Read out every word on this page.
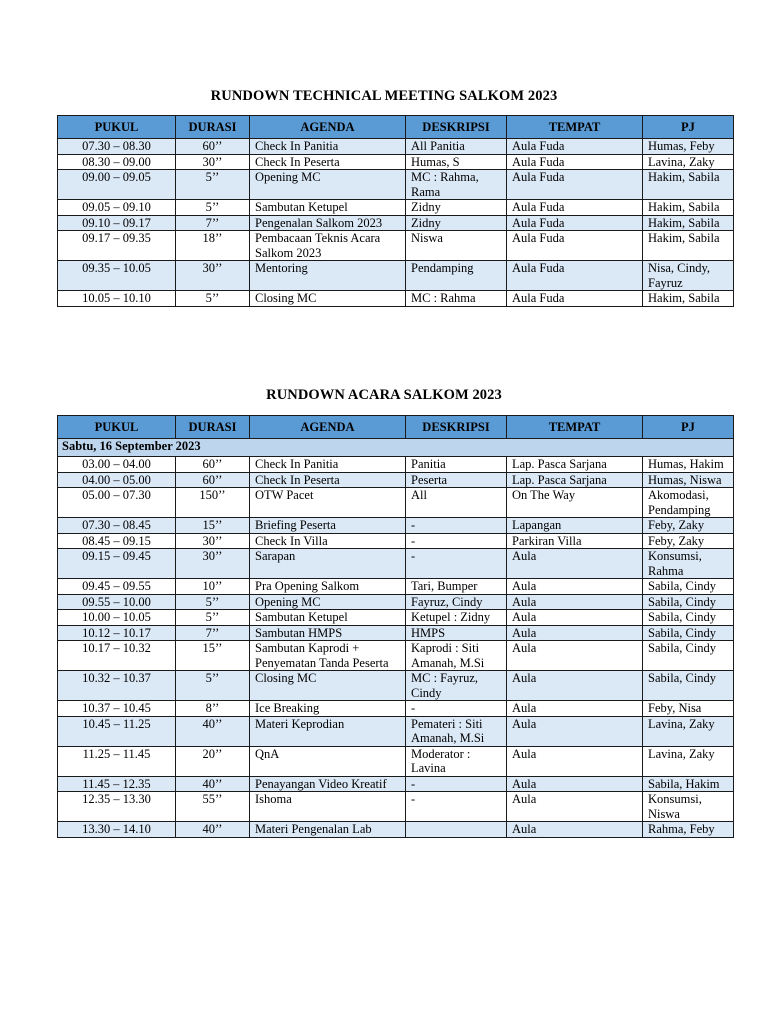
RUNDOWN TECHNICAL MEETING SALKOM 2023
PUKUL	DURASI	AGENDA	DESKRIPSI	TEMPAT	PJ
07.30 – 08.30	60’’	Check In Panitia	All Panitia	Aula Fuda	Humas, Feby
08.30 – 09.00	30’’	Check In Peserta	Humas, S	Aula Fuda	Lavina, Zaky
09.00 – 09.05	5’’	Opening MC	MC : Rahma, Rama	Aula Fuda	Hakim, Sabila
09.05 – 09.10	5’’	Sambutan Ketupel	Zidny	Aula Fuda	Hakim, Sabila
09.10 – 09.17	7’’	Pengenalan Salkom 2023	Zidny	Aula Fuda	Hakim, Sabila
09.17 – 09.35	18’’	Pembacaan Teknis Acara Salkom 2023	Niswa	Aula Fuda	Hakim, Sabila
09.35 – 10.05	30’’	Mentoring	Pendamping	Aula Fuda	Nisa, Cindy, Fayruz
10.05 – 10.10	5’’	Closing MC	MC : Rahma	Aula Fuda	Hakim, Sabila
RUNDOWN ACARA SALKOM 2023
PUKUL	DURASI	AGENDA	DESKRIPSI	TEMPAT	PJ
Sabtu, 16 September 2023					
03.00 – 04.00	60’’	Check In Panitia	Panitia	Lap. Pasca Sarjana	Humas, Hakim
04.00 – 05.00	60’’	Check In Peserta	Peserta	Lap. Pasca Sarjana	Humas, Niswa
05.00 – 07.30	150’’	OTW Pacet	All	On The Way	Akomodasi, Pendamping
07.30 – 08.45	15’’	Briefing Peserta	-	Lapangan	Feby, Zaky
08.45 – 09.15	30’’	Check In Villa	-	Parkiran Villa	Feby, Zaky
09.15 – 09.45	30’’	Sarapan	-	Aula	Konsumsi, Rahma
09.45 – 09.55	10’’	Pra Opening Salkom	Tari, Bumper	Aula	Sabila, Cindy
09.55 – 10.00	5’’	Opening MC	Fayruz, Cindy	Aula	Sabila, Cindy
10.00 – 10.05	5’’	Sambutan Ketupel	Ketupel : Zidny	Aula	Sabila, Cindy
10.12 – 10.17	7’’	Sambutan HMPS	HMPS	Aula	Sabila, Cindy
10.17 – 10.32	15’’	Sambutan Kaprodi + Penyematan Tanda Peserta	Kaprodi : Siti Amanah, M.Si	Aula	Sabila, Cindy
10.32 – 10.37	5’’	Closing MC	MC : Fayruz, Cindy	Aula	Sabila, Cindy
10.37 – 10.45	8’’	Ice Breaking	-	Aula	Feby, Nisa
10.45 – 11.25	40’’	Materi Keprodian	Pemateri : Siti Amanah, M.Si	Aula	Lavina, Zaky
11.25 – 11.45	20’’	QnA	Moderator : Lavina	Aula	Lavina, Zaky
11.45 – 12.35	40’’	Penayangan Video Kreatif	-	Aula	Sabila, Hakim
12.35 – 13.30	55’’	Ishoma	-	Aula	Konsumsi, Niswa
13.30 – 14.10	40’’	Materi Pengenalan Lab		Aula	Rahma, Feby
